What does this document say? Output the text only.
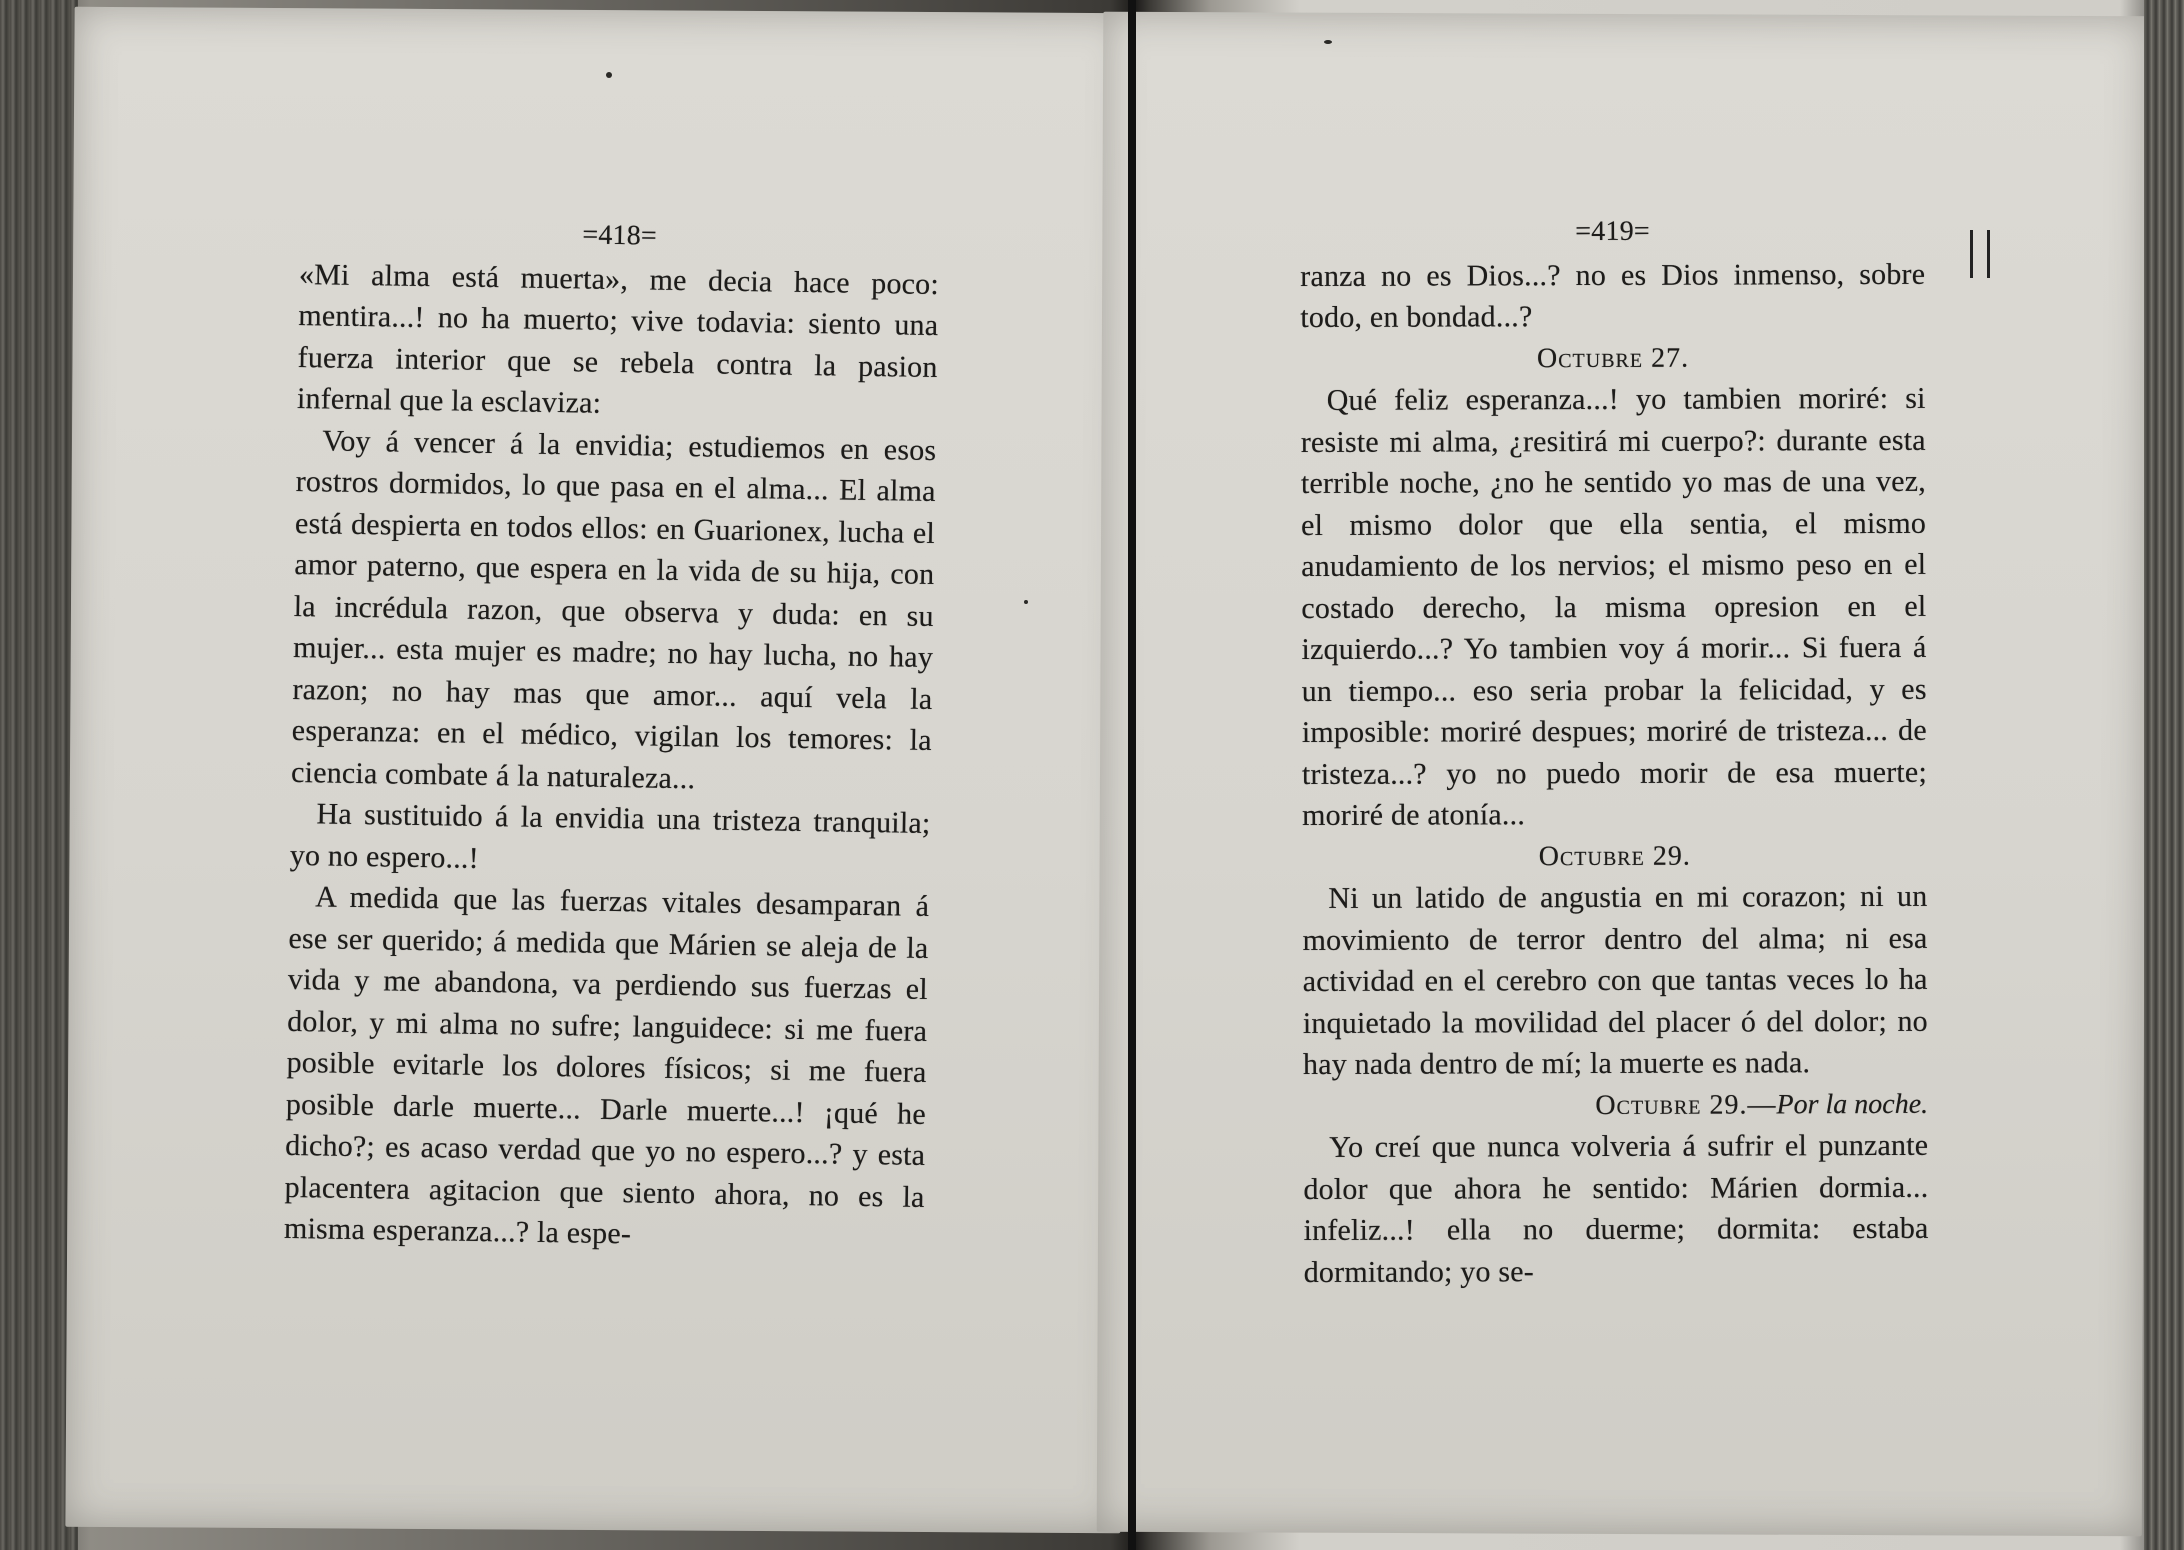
=418=

«Mi alma está muerta», me decia hace poco: mentira...! no ha muerto; vive todavia: siento una fuerza interior que se rebela contra la pasion infernal que la esclaviza:

Voy á vencer á la envidia; estudiemos en esos rostros dormidos, lo que pasa en el alma... El alma está despierta en todos ellos: en Guarionex, lucha el amor paterno, que espera en la vida de su hija, con la incrédula razon, que observa y duda: en su mujer... esta mujer es madre; no hay lucha, no hay razon; no hay mas que amor... aquí vela la esperanza: en el médico, vigilan los temores: la ciencia combate á la naturaleza...

Ha sustituido á la envidia una tristeza tranquila; yo no espero...!

A medida que las fuerzas vitales desamparan á ese ser querido; á medida que Márien se aleja de la vida y me abandona, va perdiendo sus fuerzas el dolor, y mi alma no sufre; languidece: si me fuera posible evitarle los dolores físicos; si me fuera posible darle muerte... Darle muerte...! ¡qué he dicho?; es acaso verdad que yo no espero...? y esta placentera agitacion que siento ahora, no es la misma esperanza...? la espe-

=419=

ranza no es Dios...? no es Dios inmenso, sobre todo, en bondad...?

Octubre 27.

Qué feliz esperanza...! yo tambien moriré: si resiste mi alma, ¿resitirá mi cuerpo?: durante esta terrible noche, ¿no he sentido yo mas de una vez, el mismo dolor que ella sentia, el mismo anudamiento de los nervios; el mismo peso en el costado derecho, la misma opresion en el izquierdo...? Yo tambien voy á morir... Si fuera á un tiempo... eso seria probar la felicidad, y es imposible: moriré despues; moriré de tristeza... de tristeza...? yo no puedo morir de esa muerte; moriré de atonía...

Octubre 29.

Ni un latido de angustia en mi corazon; ni un movimiento de terror dentro del alma; ni esa actividad en el cerebro con que tantas veces lo ha inquietado la movilidad del placer ó del dolor; no hay nada dentro de mí; la muerte es nada.

Octubre 29.—Por la noche.

Yo creí que nunca volveria á sufrir el punzante dolor que ahora he sentido: Márien dormia... infeliz...! ella no duerme; dormita: estaba dormitando; yo se-
